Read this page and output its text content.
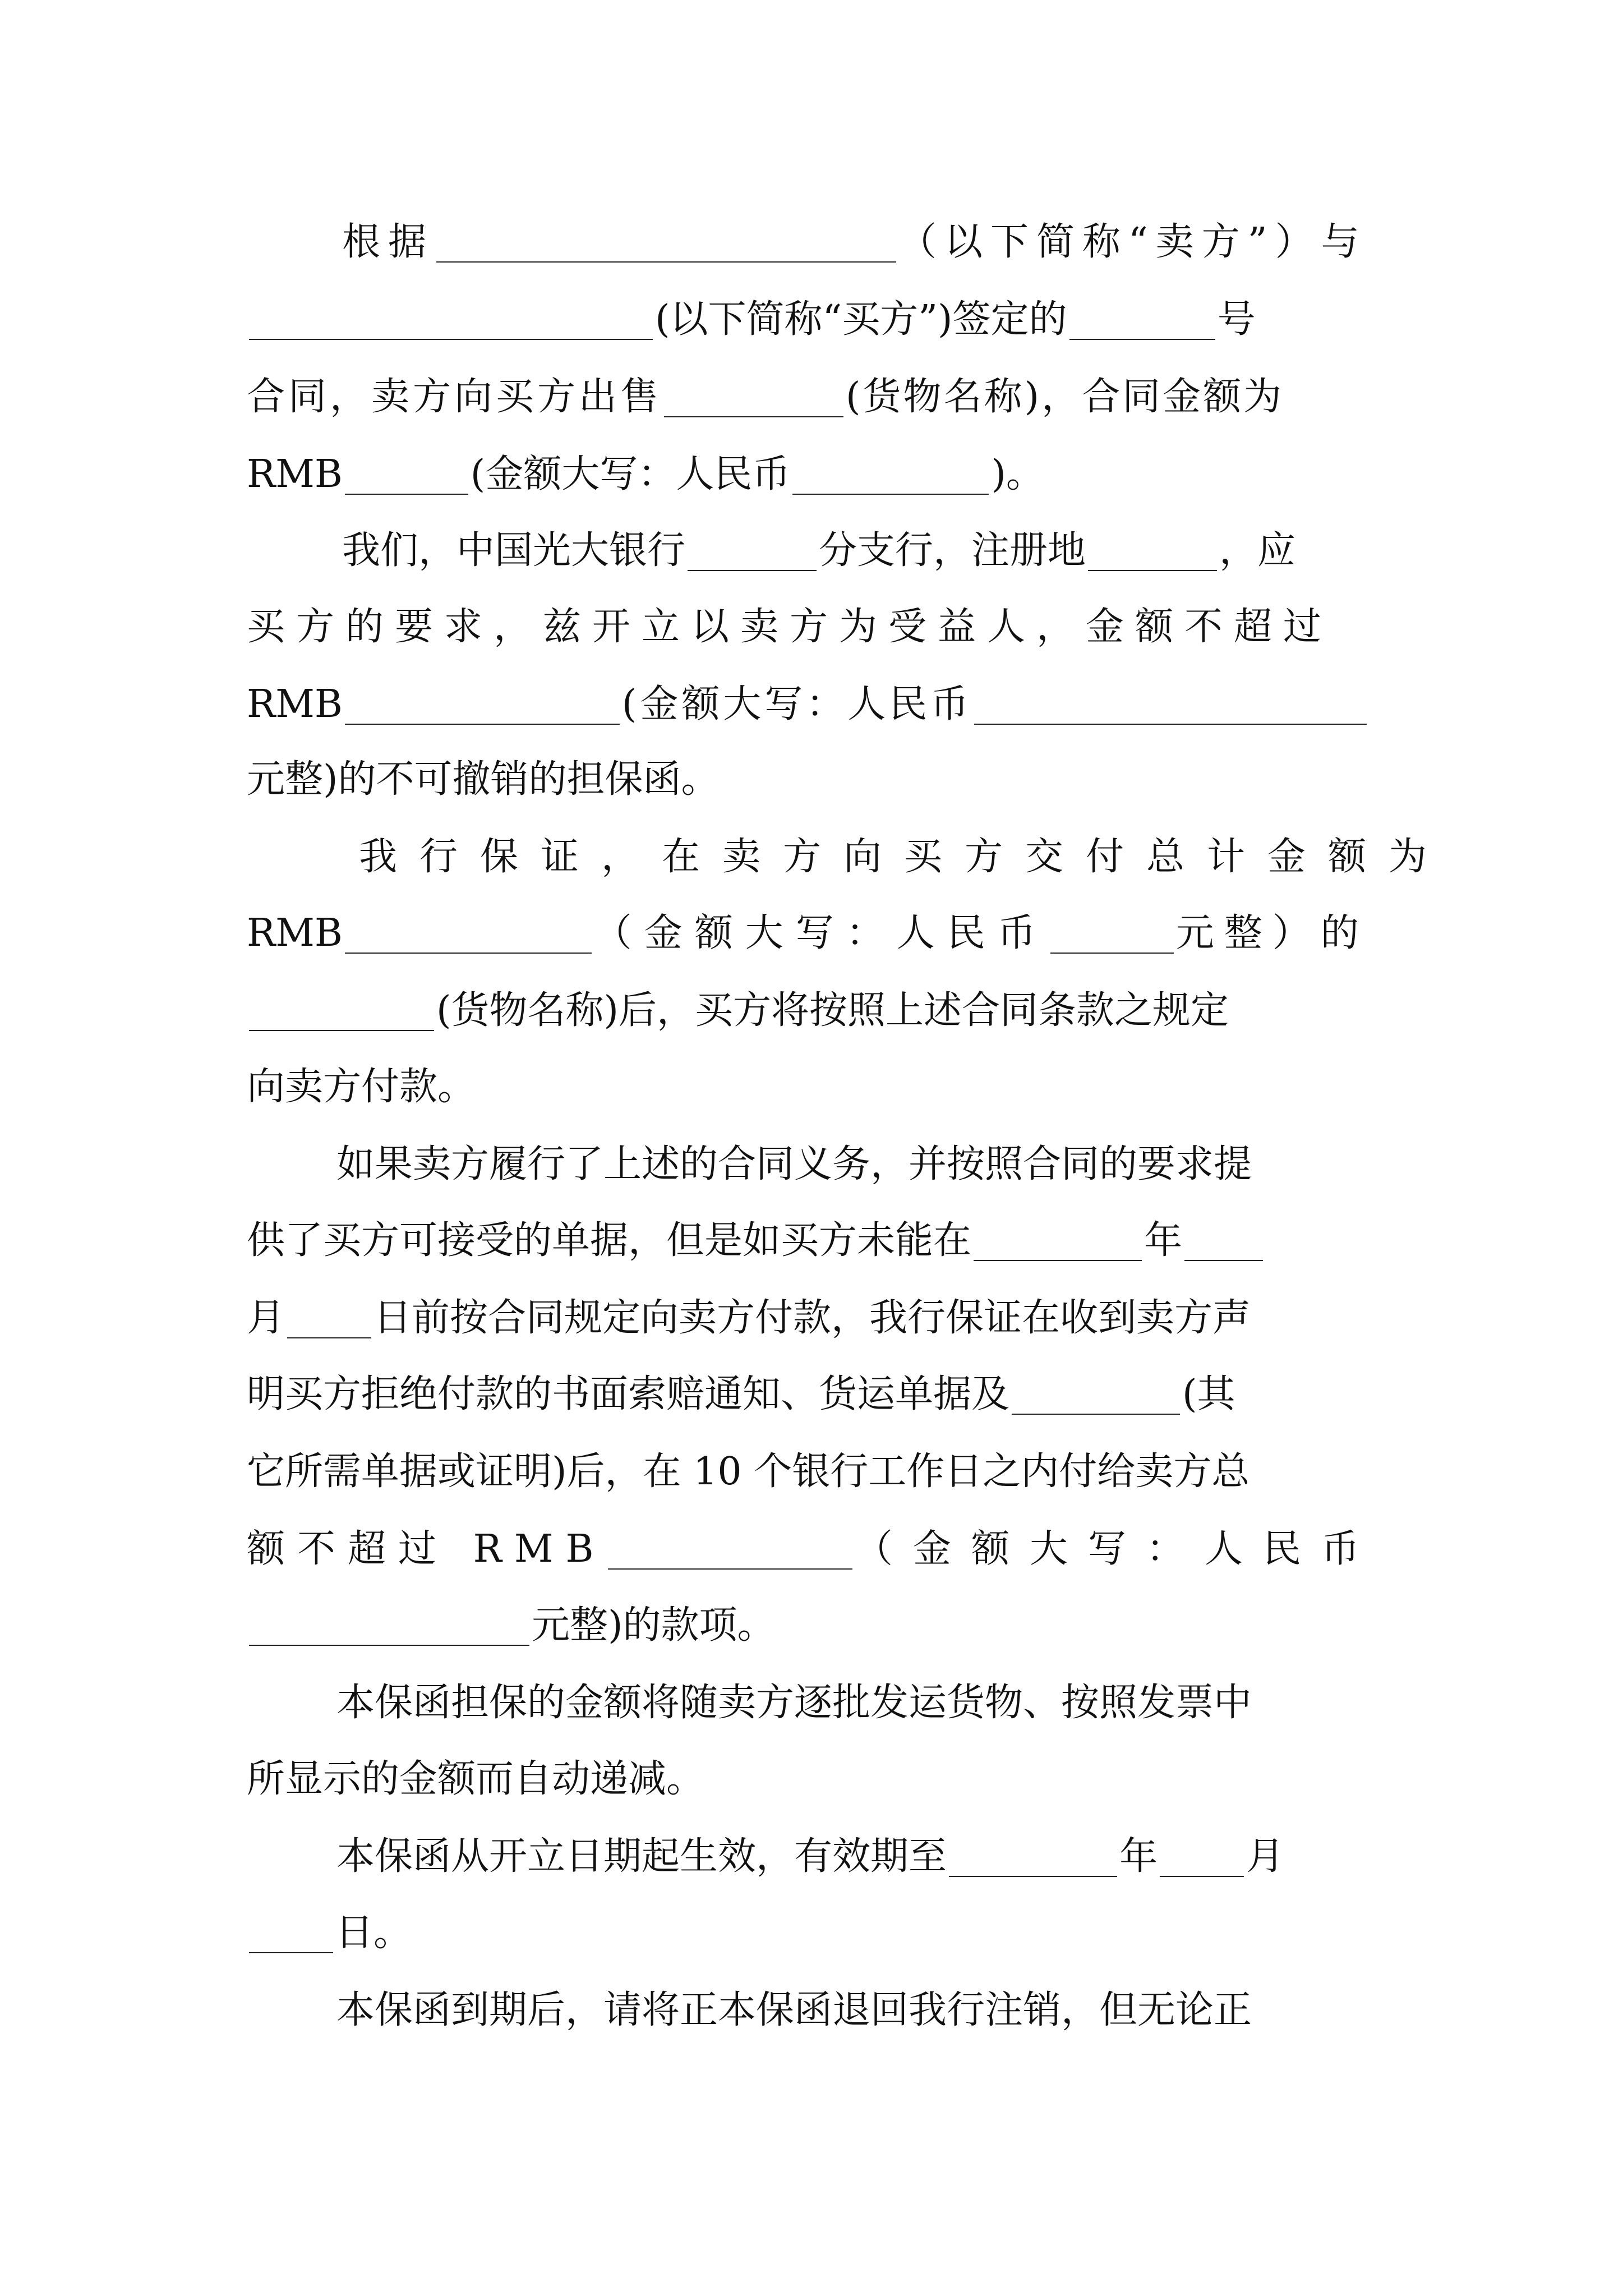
根据	（以下简称“卖方”）与
(以下简称“买方”)签定的	号
合同，卖方向买方出售	(货物名称)，合同金额为
RMB	(金额大写：人民币	)。
我们，中国光大银行	分支行，注册地	，应
买方的要求，兹开立以卖方为受益人，金额不超过
RMB	(金额大写：人民币
元整)的不可撤销的担保函。
我行保证，在卖方向买方交付总计金额为
RMB	（金额大写：人民币	元整）的
(货物名称)后，买方将按照上述合同条款之规定
向卖方付款。
如果卖方履行了上述的合同义务，并按照合同的要求提
供了买方可接受的单据，但是如买方未能在	年
月 日前按合同规定向卖方付款，我行保证在收到卖方声
明买方拒绝付款的书面索赔通知、货运单据及	(其
它所需单据或证明)后，在 10 个银行工作日之内付给卖方总
额不超过 RMB	（金额大写：人民币
元整)的款项。
本保函担保的金额将随卖方逐批发运货物、按照发票中
所显示的金额而自动递减。
本保函从开立日期起生效，有效期至	年 月
日。
本保函到期后，请将正本保函退回我行注销，但无论正
